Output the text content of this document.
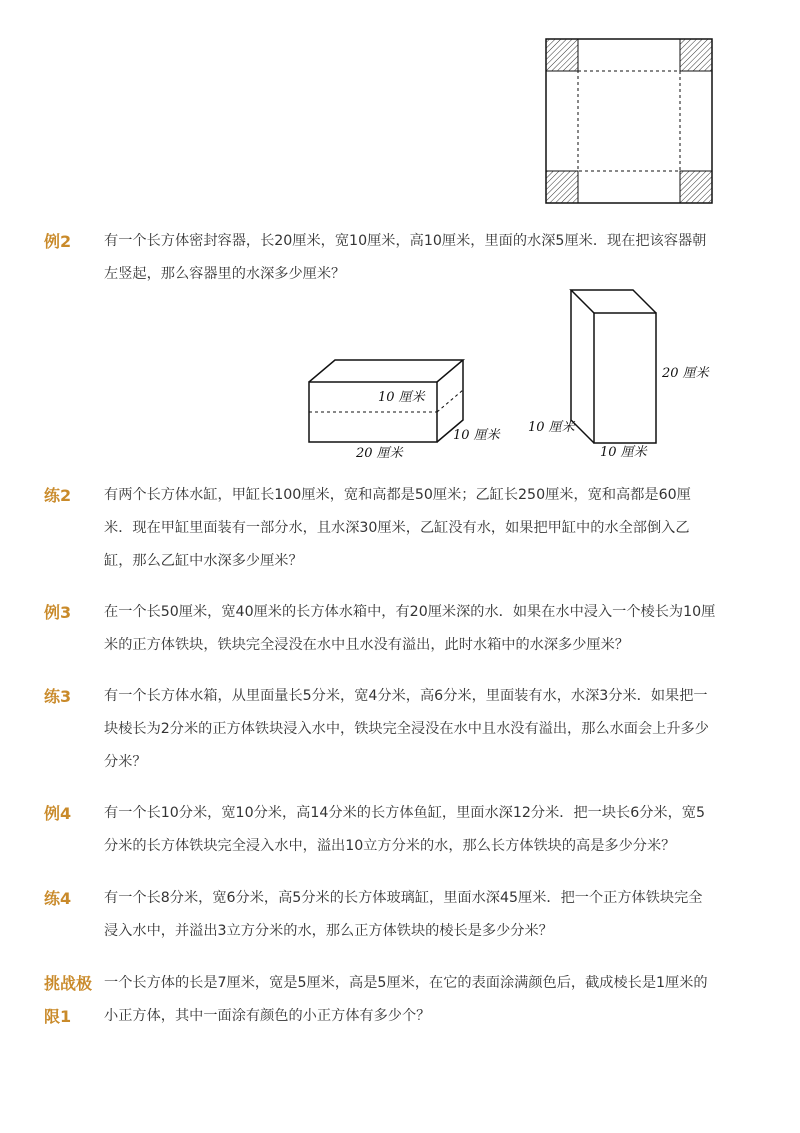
例2 有一个长方体密封容器，长20厘米，宽10厘米，高10厘米，里面的水深5厘米．现在把该容器朝左竖起，那么容器里的水深多少厘米？
10 厘米
10 厘米
20 厘米
20 厘米
10 厘米
10 厘米
练2 有两个长方体水缸，甲缸长100厘米，宽和高都是50厘米；乙缸长250厘米，宽和高都是60厘米．现在甲缸里面装有一部分水，且水深30厘米，乙缸没有水，如果把甲缸中的水全部倒入乙缸，那么乙缸中水深多少厘米？
例3 在一个长50厘米，宽40厘米的长方体水箱中，有20厘米深的水．如果在水中浸入一个棱长为10厘米的正方体铁块，铁块完全浸没在水中且水没有溢出，此时水箱中的水深多少厘米？
练3 有一个长方体水箱，从里面量长5分米，宽4分米，高6分米，里面装有水，水深3分米．如果把一块棱长为2分米的正方体铁块浸入水中，铁块完全浸没在水中且水没有溢出，那么水面会上升多少分米？
例4 有一个长10分米，宽10分米，高14分米的长方体鱼缸，里面水深12分米．把一块长6分米，宽5分米的长方体铁块完全浸入水中，溢出10立方分米的水，那么长方体铁块的高是多少分米？
练4 有一个长8分米，宽6分米，高5分米的长方体玻璃缸，里面水深45厘米．把一个正方体铁块完全浸入水中，并溢出3立方分米的水，那么正方体铁块的棱长是多少分米？
挑战极限1
一个长方体的长是7厘米，宽是5厘米，高是5厘米，在它的表面涂满颜色后，截成棱长是1厘米的小正方体，其中一面涂有颜色的小正方体有多少个？
